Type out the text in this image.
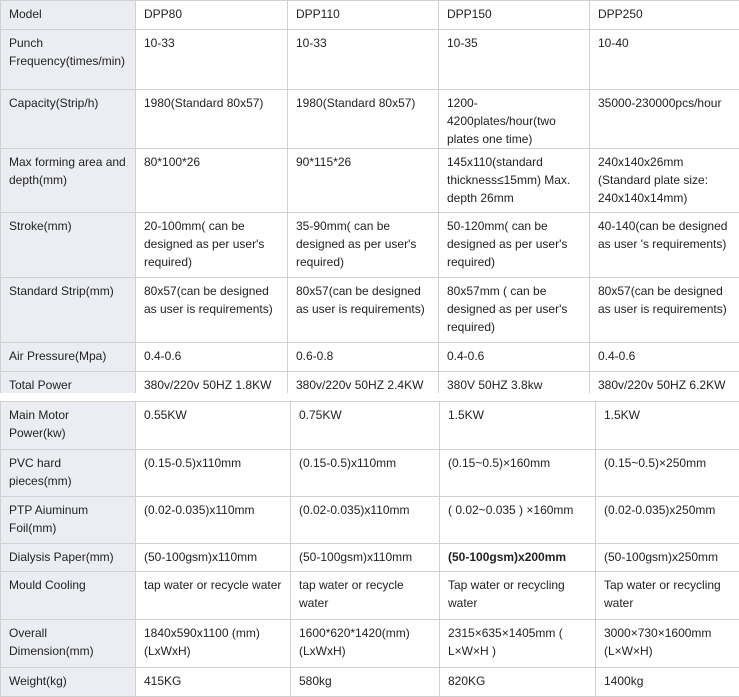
Model	DPP80	DPP110	DPP150	DPP250
Punch Frequency(times/min)	10-33	10-33	10-35	10-40
Capacity(Strip/h)	1980(Standard 80x57)	1980(Standard 80x57)	1200-4200plates/hour(two plates one time)	35000-230000pcs/hour
Max forming area and depth(mm)	80*100*26	90*115*26	145x110(standard thickness≤15mm) Max. depth 26mm	240x140x26mm (Standard plate size: 240x140x14mm)
Stroke(mm)	20-100mm( can be designed as per user's required)	35-90mm( can be designed as per user's required)	50-120mm( can be designed as per user's required)	40-140(can be designed as user 's requirements)
Standard Strip(mm)	80x57(can be designed as user is requirements)	80x57(can be designed as user is requirements)	80x57mm ( can be designed as per user's required)	80x57(can be designed as user is requirements)
Air Pressure(Mpa)	0.4-0.6	0.6-0.8	0.4-0.6	0.4-0.6
Total Power	380v/220v 50HZ 1.8KW	380v/220v 50HZ 2.4KW	380V 50HZ 3.8kw	380v/220v 50HZ 6.2KW
Main Motor Power(kw)	0.55KW	0.75KW	1.5KW	1.5KW
PVC hard pieces(mm)	(0.15-0.5)x110mm	(0.15-0.5)x110mm	(0.15~0.5)×160mm	(0.15~0.5)×250mm
PTP Aiuminum Foil(mm)	(0.02-0.035)x110mm	(0.02-0.035)x110mm	( 0.02~0.035 ) ×160mm	(0.02-0.035)x250mm
Dialysis Paper(mm)	(50-100gsm)x110mm	(50-100gsm)x110mm	(50-100gsm)x200mm	(50-100gsm)x250mm
Mould Cooling	tap water or recycle water	tap water or recycle water	Tap water or recycling water	Tap water or recycling water
Overall Dimension(mm)	1840x590x1100 (mm) (LxWxH)	1600*620*1420(mm) (LxWxH)	2315×635×1405mm ( L×W×H )	3000×730×1600mm (L×W×H)
Weight(kg)	415KG	580kg	820KG	1400kg
